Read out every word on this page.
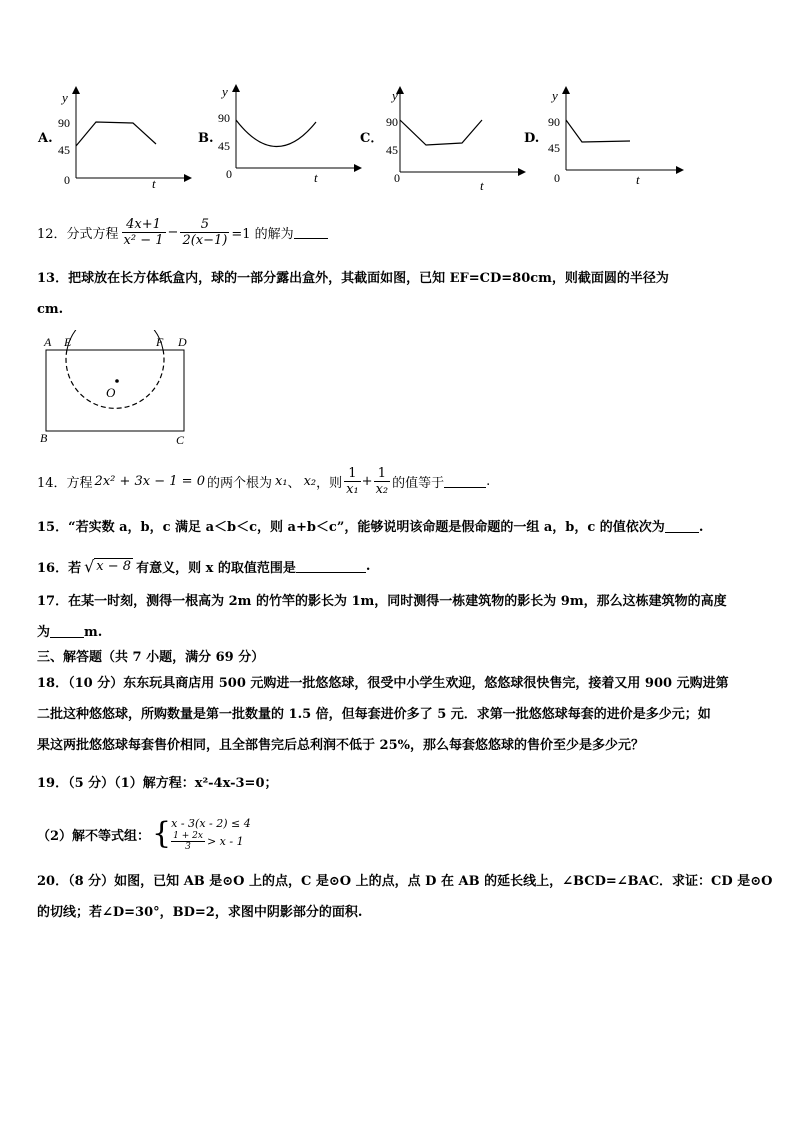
A.
y
90
45
0	t
B.
y
90
45
0	t
C．
y
90
45
0	t
D.
y
90
45
0	t
12．分式方程 $\frac{4x+1}{\text{x² − 1}} - \frac{5}{2(x-1)} =1$ 的解为
13．把球放在长方体纸盒内，球的一部分露出盒外，其截面如图，已知 EF=CD=80cm，则截面圆的半径为
cm.
A E	F D
O
B	C
14．方程 2x² + 3x − 1 = 0 的两个根为 x₁ 、 x₂ ，则 $\frac{1}{\text{x₁}} + \frac{1}{\text{x₂}}$ 的值等于	.
15．“若实数 a，b，c 满足 a＜b＜c，则 a+b＜c”，能够说明该命题是假命题的一组 a，b，c 的值依次为	.
16．若 √ x − 8 有意义，则 x 的取值范围是	.
17．在某一时刻，测得一根高为 2m 的竹竿的影长为 1m，同时测得一栋建筑物的影长为 9m，那么这栋建筑物的高度
为	m.
三、解答题（共 7 小题，满分 69 分）
18．（10 分）东东玩具商店用 500 元购进一批悠悠球，很受中小学生欢迎，悠悠球很快售完，接着又用 900 元购进第
二批这种悠悠球，所购数量是第一批数量的 1.5 倍，但每套进价多了 5 元．求第一批悠悠球每套的进价是多少元；如
果这两批悠悠球每套售价相同，且全部售完后总利润不低于 25%，那么每套悠悠球的售价至少是多少元？
19．（5 分）（1）解方程：x²-4x-3=0；
（2）解不等式组： { x - 3(x - 2) ≤ 4
$\frac{1 + 2x}{3} > x - 1$
20．（8 分）如图，已知 AB 是⊙O 上的点，C 是⊙O 上的点，点 D 在 AB 的延长线上，∠BCD=∠BAC．求证：CD 是⊙O
的切线；若∠D=30°，BD=2，求图中阴影部分的面积.
